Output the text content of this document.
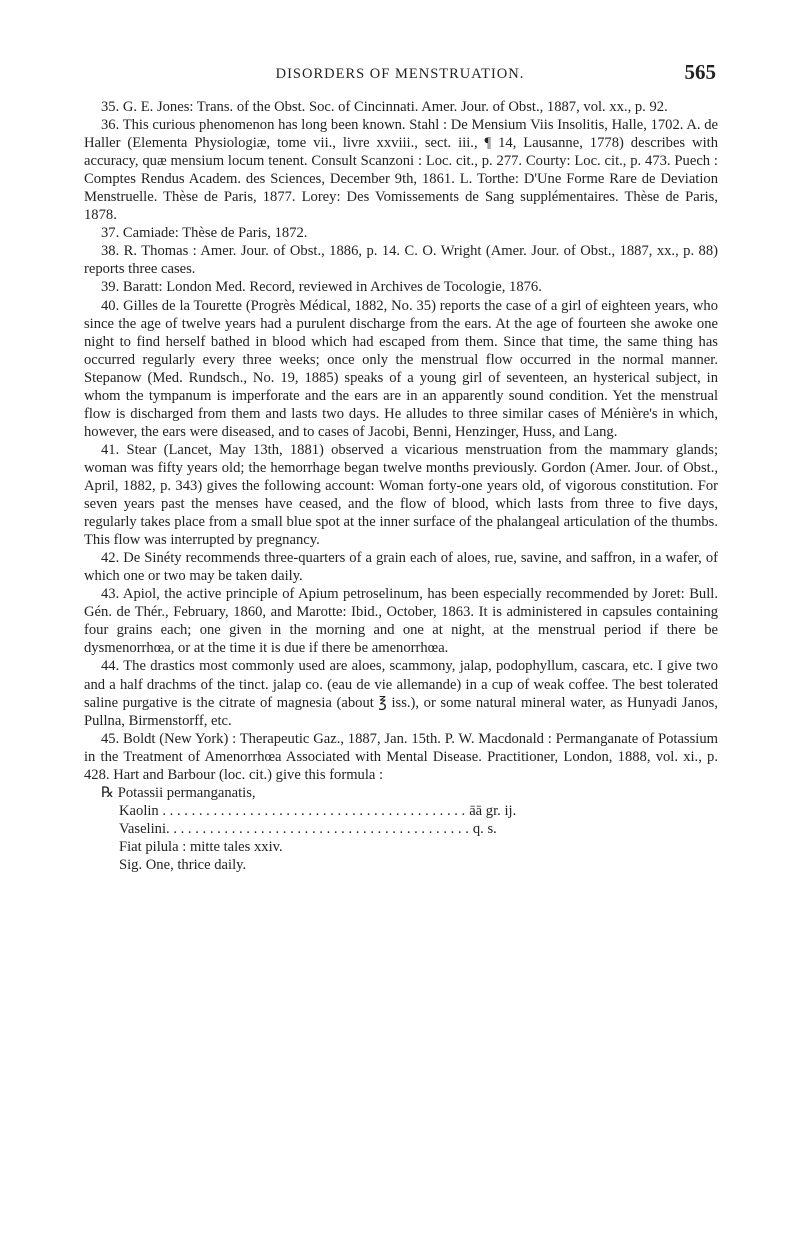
DISORDERS OF MENSTRUATION.	565

35. G. E. Jones: Trans. of the Obst. Soc. of Cincinnati. Amer. Jour. of Obst., 1887, vol. xx., p. 92.

36. This curious phenomenon has long been known. Stahl : De Mensium Viis Insolitis, Halle, 1702. A. de Haller (Elementa Physiologiæ, tome vii., livre xxviii., sect. iii., ¶ 14, Lausanne, 1778) describes with accuracy, quæ mensium locum tenent. Consult Scanzoni : Loc. cit., p. 277. Courty: Loc. cit., p. 473. Puech : Comptes Rendus Academ. des Sciences, December 9th, 1861. L. Torthe: D'Une Forme Rare de Deviation Menstruelle. Thèse de Paris, 1877. Lorey: Des Vomissements de Sang supplémentaires. Thèse de Paris, 1878.

37. Camiade: Thèse de Paris, 1872.

38. R. Thomas : Amer. Jour. of Obst., 1886, p. 14. C. O. Wright (Amer. Jour. of Obst., 1887, xx., p. 88) reports three cases.

39. Baratt: London Med. Record, reviewed in Archives de Tocologie, 1876.

40. Gilles de la Tourette (Progrès Médical, 1882, No. 35) reports the case of a girl of eighteen years, who since the age of twelve years had a purulent discharge from the ears. At the age of fourteen she awoke one night to find herself bathed in blood which had escaped from them. Since that time, the same thing has occurred regularly every three weeks; once only the menstrual flow occurred in the normal manner. Stepanow (Med. Rundsch., No. 19, 1885) speaks of a young girl of seventeen, an hysterical subject, in whom the tympanum is imperforate and the ears are in an apparently sound condition. Yet the menstrual flow is discharged from them and lasts two days. He alludes to three similar cases of Ménière's in which, however, the ears were diseased, and to cases of Jacobi, Benni, Henzinger, Huss, and Lang.

41. Stear (Lancet, May 13th, 1881) observed a vicarious menstruation from the mammary glands; woman was fifty years old; the hemorrhage began twelve months previously. Gordon (Amer. Jour. of Obst., April, 1882, p. 343) gives the following account: Woman forty-one years old, of vigorous constitution. For seven years past the menses have ceased, and the flow of blood, which lasts from three to five days, regularly takes place from a small blue spot at the inner surface of the phalangeal articulation of the thumbs. This flow was interrupted by pregnancy.

42. De Sinéty recommends three-quarters of a grain each of aloes, rue, savine, and saffron, in a wafer, of which one or two may be taken daily.

43. Apiol, the active principle of Apium petroselinum, has been especially recommended by Joret: Bull. Gén. de Thér., February, 1860, and Marotte: Ibid., October, 1863. It is administered in capsules containing four grains each; one given in the morning and one at night, at the menstrual period if there be dysmenorrhœa, or at the time it is due if there be amenorrhœa.

44. The drastics most commonly used are aloes, scammony, jalap, podophyllum, cascara, etc. I give two and a half drachms of the tinct. jalap co. (eau de vie allemande) in a cup of weak coffee. The best tolerated saline purgative is the citrate of magnesia (about ℥ iss.), or some natural mineral water, as Hunyadi Janos, Pullna, Birmenstorff, etc.

45. Boldt (New York) : Therapeutic Gaz., 1887, Jan. 15th. P. W. Macdonald : Permanganate of Potassium in the Treatment of Amenorrhœa Associated with Mental Disease. Practitioner, London, 1888, vol. xi., p. 428. Hart and Barbour (loc. cit.) give this formula :

℞
Potassii permanganatis,
Kaolin . . . . . . . . . . . . . . . . . . . . . . . . . . . . . . . . . . . . . . . . . . āā gr. ij.
Vaselini . . . . . . . . . . . . . . . . . . . . . . . . . . . . . . . . . . . . . . . . . . q. s.
Fiat pilula : mitte tales xxiv.
Sig. One, thrice daily.
